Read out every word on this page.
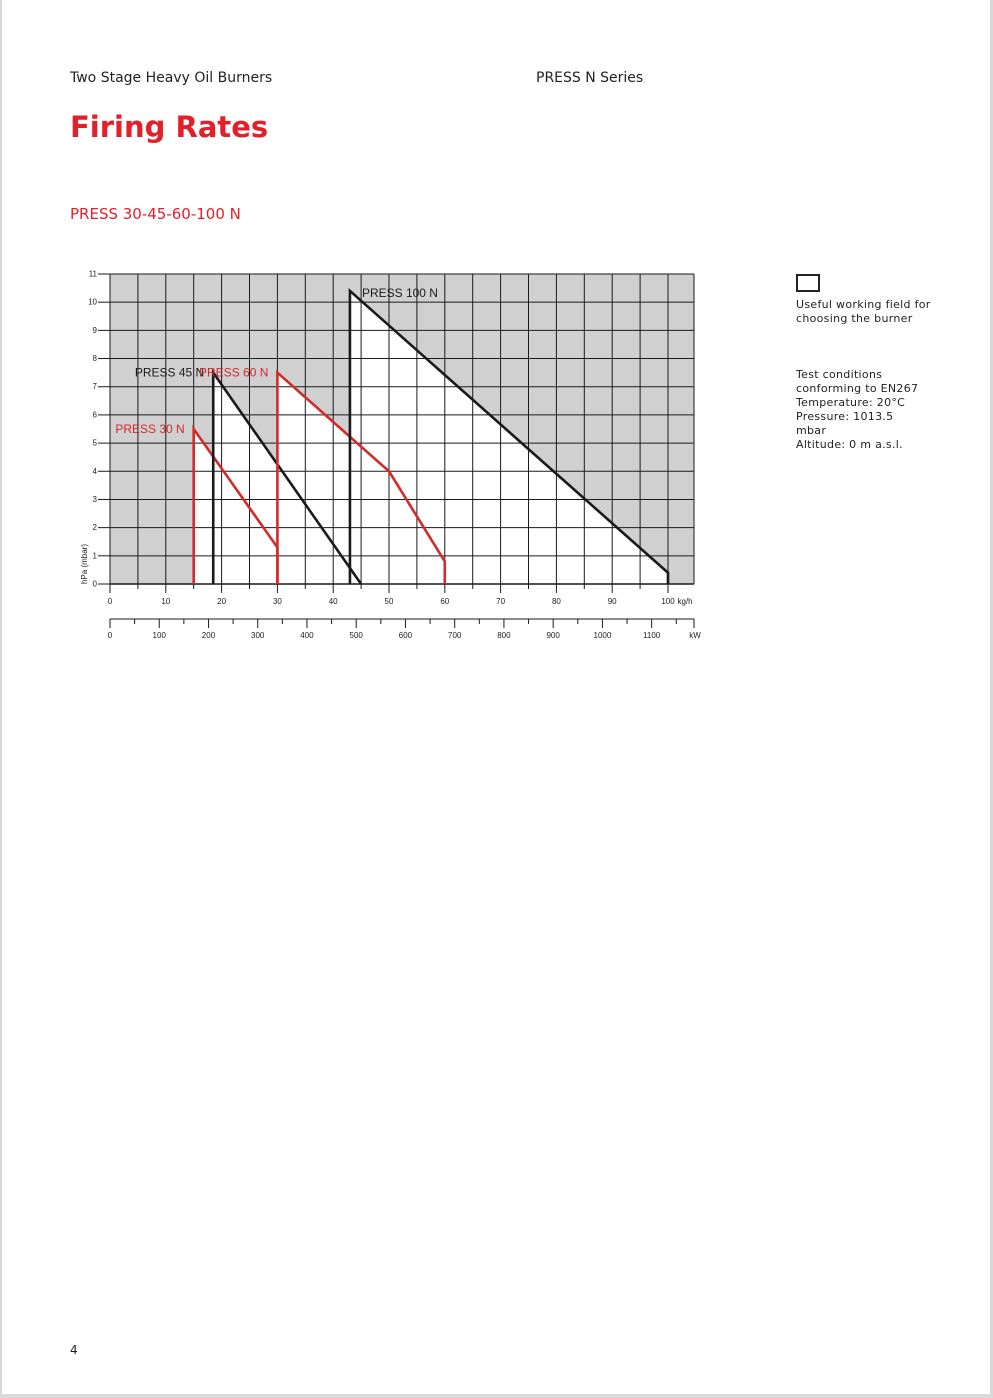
Two Stage Heavy Oil Burners	PRESS N Series
Firing Rates
PRESS 30-45-60-100 N
0
1
2
3
4
5
6
7
8
9
10
11
hPa (mbar)
0	10	20	30	40	50	60	70	80	90	100 kg/h
0	100	200	300	400	500	600	700	800	900	1000	1100	kW
PRESS 30 N
PRESS 45 N
PRESS 60 N
PRESS 100 N
Useful working field for choosing the burner
Test conditions conforming to EN267
Temperature: 20°C
Pressure: 1013.5 mbar
Altitude: 0 m a.s.l.
4
